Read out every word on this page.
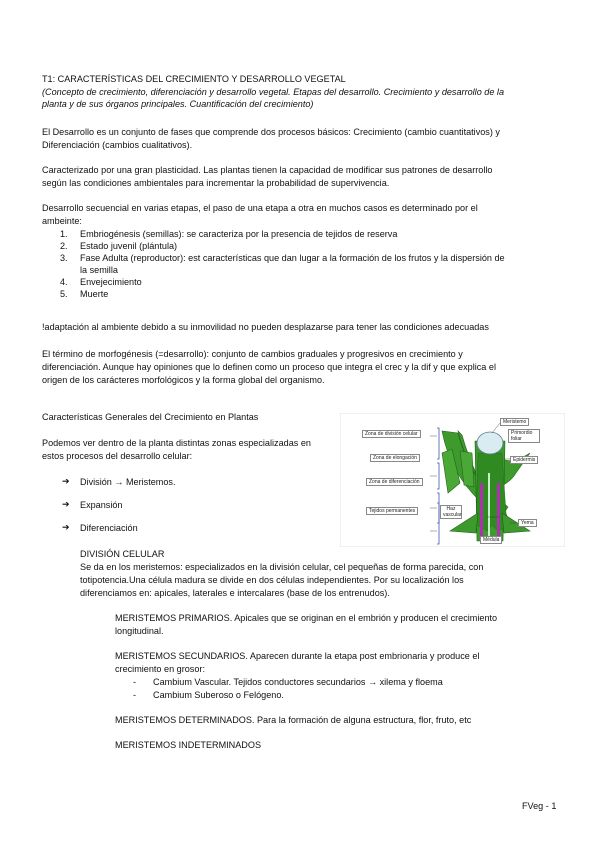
T1: CARACTERÍSTICAS DEL CRECIMIENTO Y DESARROLLO VEGETAL
(Concepto de crecimiento, diferenciación y desarrollo vegetal. Etapas del desarrollo. Crecimiento y desarrollo de la
planta y de sus órganos principales. Cuantificación del crecimiento)
El Desarrollo es un conjunto de fases que comprende dos procesos básicos: Crecimiento (cambio cuantitativos) y
Diferenciación (cambios cualitativos).
Caracterizado por una gran plasticidad. Las plantas tienen la capacidad de modificar sus patrones de desarrollo
según las condiciones ambientales para incrementar la probabilidad de supervivencia.
Desarrollo secuencial en varias etapas, el paso de una etapa a otra en muchos casos es determinado por el
ambeinte:
1. Embriogénesis (semillas): se caracteriza por la presencia de tejidos de reserva
2. Estado juvenil (plántula)
3. Fase Adulta (reproductor): est características que dan lugar a la formación de los frutos y la dispersión de
la semilla
4. Envejecimiento
5. Muerte
!adaptación al ambiente debido a su inmovilidad no pueden desplazarse para tener las condiciones adecuadas
El término de morfogénesis (=desarrollo): conjunto de cambios graduales y progresivos en crecimiento y
diferenciación. Aunque hay opiniones que lo definen como un proceso que integra el crec y la dif y que explica el
origen de los carácteres morfológicos y la forma global del organismo.
Características Generales del Crecimiento en Plantas
Podemos ver dentro de la planta distintas zonas especializadas en
estos procesos del desarrollo celular:
➔ División → Meristemos.
➔ Expansión
➔ Diferenciación
Zona de división celular
Zona de elongación
Zona de diferenciación
Tejidos permanentes
Meristemo
Primordio foliar
Epidermis
Haz vascular
Yema
Médula
DIVISIÓN CELULAR
Se da en los meristemos: especializados en la división celular, cel pequeñas de forma parecida, con
totipotencia.Una célula madura se divide en dos células independientes. Por su localización los
diferenciamos en: apicales, laterales e intercalares (base de los entrenudos).
MERISTEMOS PRIMARIOS. Apicales que se originan en el embrión y producen el crecimiento
longitudinal.
MERISTEMOS SECUNDARIOS. Aparecen durante la etapa post embrionaria y produce el
crecimiento en grosor:
- Cambium Vascular. Tejidos conductores secundarios → xilema y floema
- Cambium Suberoso o Felógeno.
MERISTEMOS DETERMINADOS. Para la formación de alguna estructura, flor, fruto, etc
MERISTEMOS INDETERMINADOS
FVeg - 1
